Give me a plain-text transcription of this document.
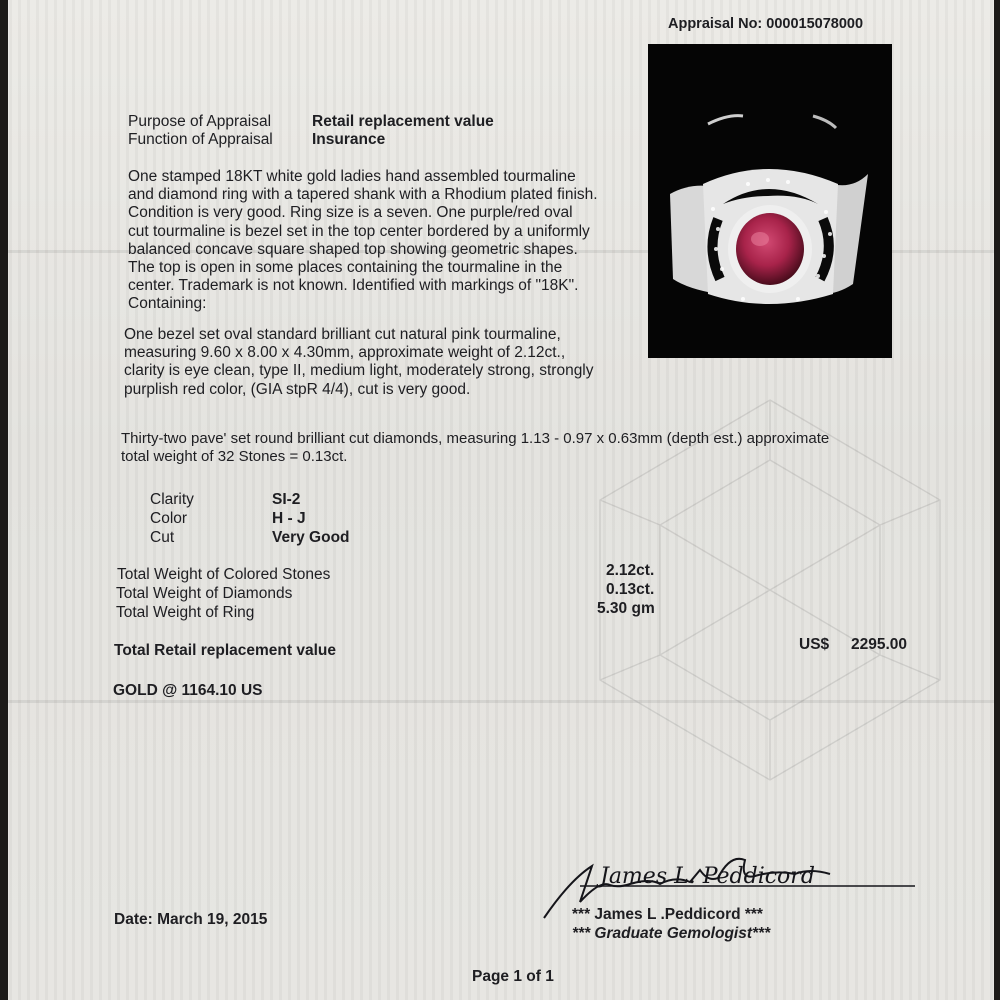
Appraisal No: 000015078000
Purpose of Appraisal	Retail replacement value
Function of Appraisal	Insurance
One stamped 18KT white gold ladies hand assembled tourmaline
and diamond ring with a tapered shank with a Rhodium plated finish.
Condition is very good. Ring size is a seven. One purple/red oval
cut tourmaline is bezel set in the top center bordered by a uniformly
balanced concave square shaped top showing geometric shapes.
The top is open in some places containing the tourmaline in the
center. Trademark is not known. Identified with markings of "18K".
Containing:
One bezel set oval standard brilliant cut natural pink tourmaline,
measuring 9.60 x 8.00 x 4.30mm, approximate weight of 2.12ct.,
clarity is eye clean, type II, medium light, moderately strong, strongly
purplish red color, (GIA stpR 4/4), cut is very good.
Thirty-two pave' set round brilliant cut diamonds, measuring 1.13 - 0.97 x 0.63mm (depth est.) approximate
total weight of 32 Stones = 0.13ct.
Clarity	SI-2
Color	H - J
Cut	Very Good
Total Weight of Colored Stones	2.12ct.
Total Weight of Diamonds	0.13ct.
Total Weight of Ring	5.30 gm
Total Retail replacement value	US$ 2295.00
GOLD @ 1164.10 US
James L. Peddicord
*** James L .Peddicord ***
*** Graduate Gemologist***
Date: March 19, 2015
Page 1 of 1
